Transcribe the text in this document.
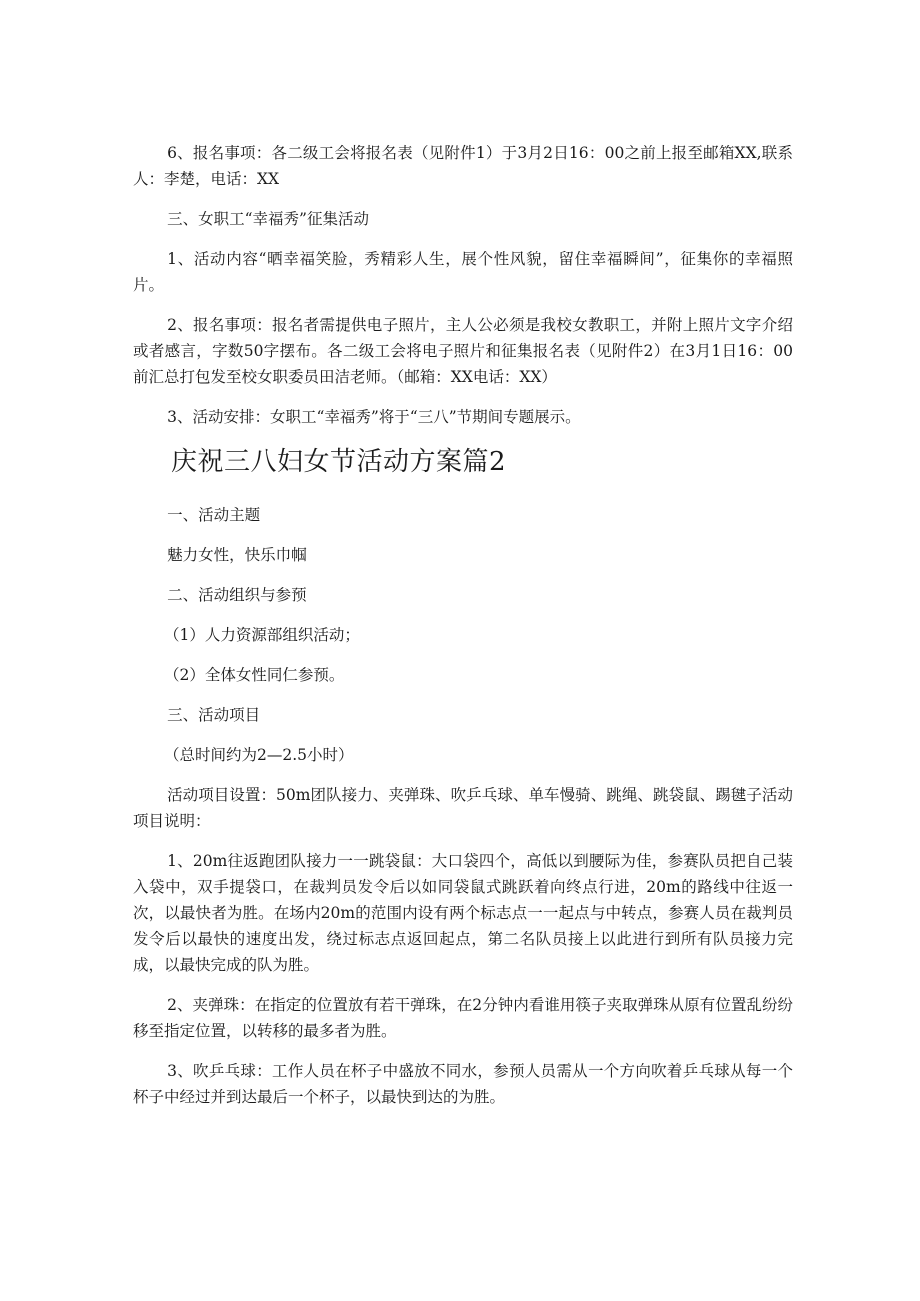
6、报名事项：各二级工会将报名表（见附件1）于3月2日16：00之前上报至邮箱XX,联系人：李楚，电话：XX

三、女职工“幸福秀”征集活动

1、活动内容“晒幸福笑脸，秀精彩人生，展个性风貌，留住幸福瞬间”，征集你的幸福照片。

2、报名事项：报名者需提供电子照片，主人公必须是我校女教职工，并附上照片文字介绍或者感言，字数50字摆布。各二级工会将电子照片和征集报名表（见附件2）在3月1日16：00前汇总打包发至校女职委员田洁老师。（邮箱：XX电话：XX）

3、活动安排：女职工“幸福秀”将于“三八”节期间专题展示。

庆祝三八妇女节活动方案篇2

一、活动主题

魅力女性，快乐巾帼

二、活动组织与参预

（1）人力资源部组织活动；

（2）全体女性同仁参预。

三、活动项目

（总时间约为2—2.5小时）

活动项目设置：50m团队接力、夹弹珠、吹乒乓球、单车慢骑、跳绳、跳袋鼠、踢毽子活动项目说明：

1、20m往返跑团队接力一一跳袋鼠：大口袋四个，高低以到腰际为佳，参赛队员把自己装入袋中，双手提袋口，在裁判员发令后以如同袋鼠式跳跃着向终点行进，20m的路线中往返一次，以最快者为胜。在场内20m的范围内设有两个标志点一一起点与中转点，参赛人员在裁判员发令后以最快的速度出发，绕过标志点返回起点，第二名队员接上以此进行到所有队员接力完成，以最快完成的队为胜。

2、夹弹珠：在指定的位置放有若干弹珠，在2分钟内看谁用筷子夹取弹珠从原有位置乱纷纷移至指定位置，以转移的最多者为胜。

3、吹乒乓球：工作人员在杯子中盛放不同水，参预人员需从一个方向吹着乒乓球从每一个杯子中经过并到达最后一个杯子，以最快到达的为胜。
